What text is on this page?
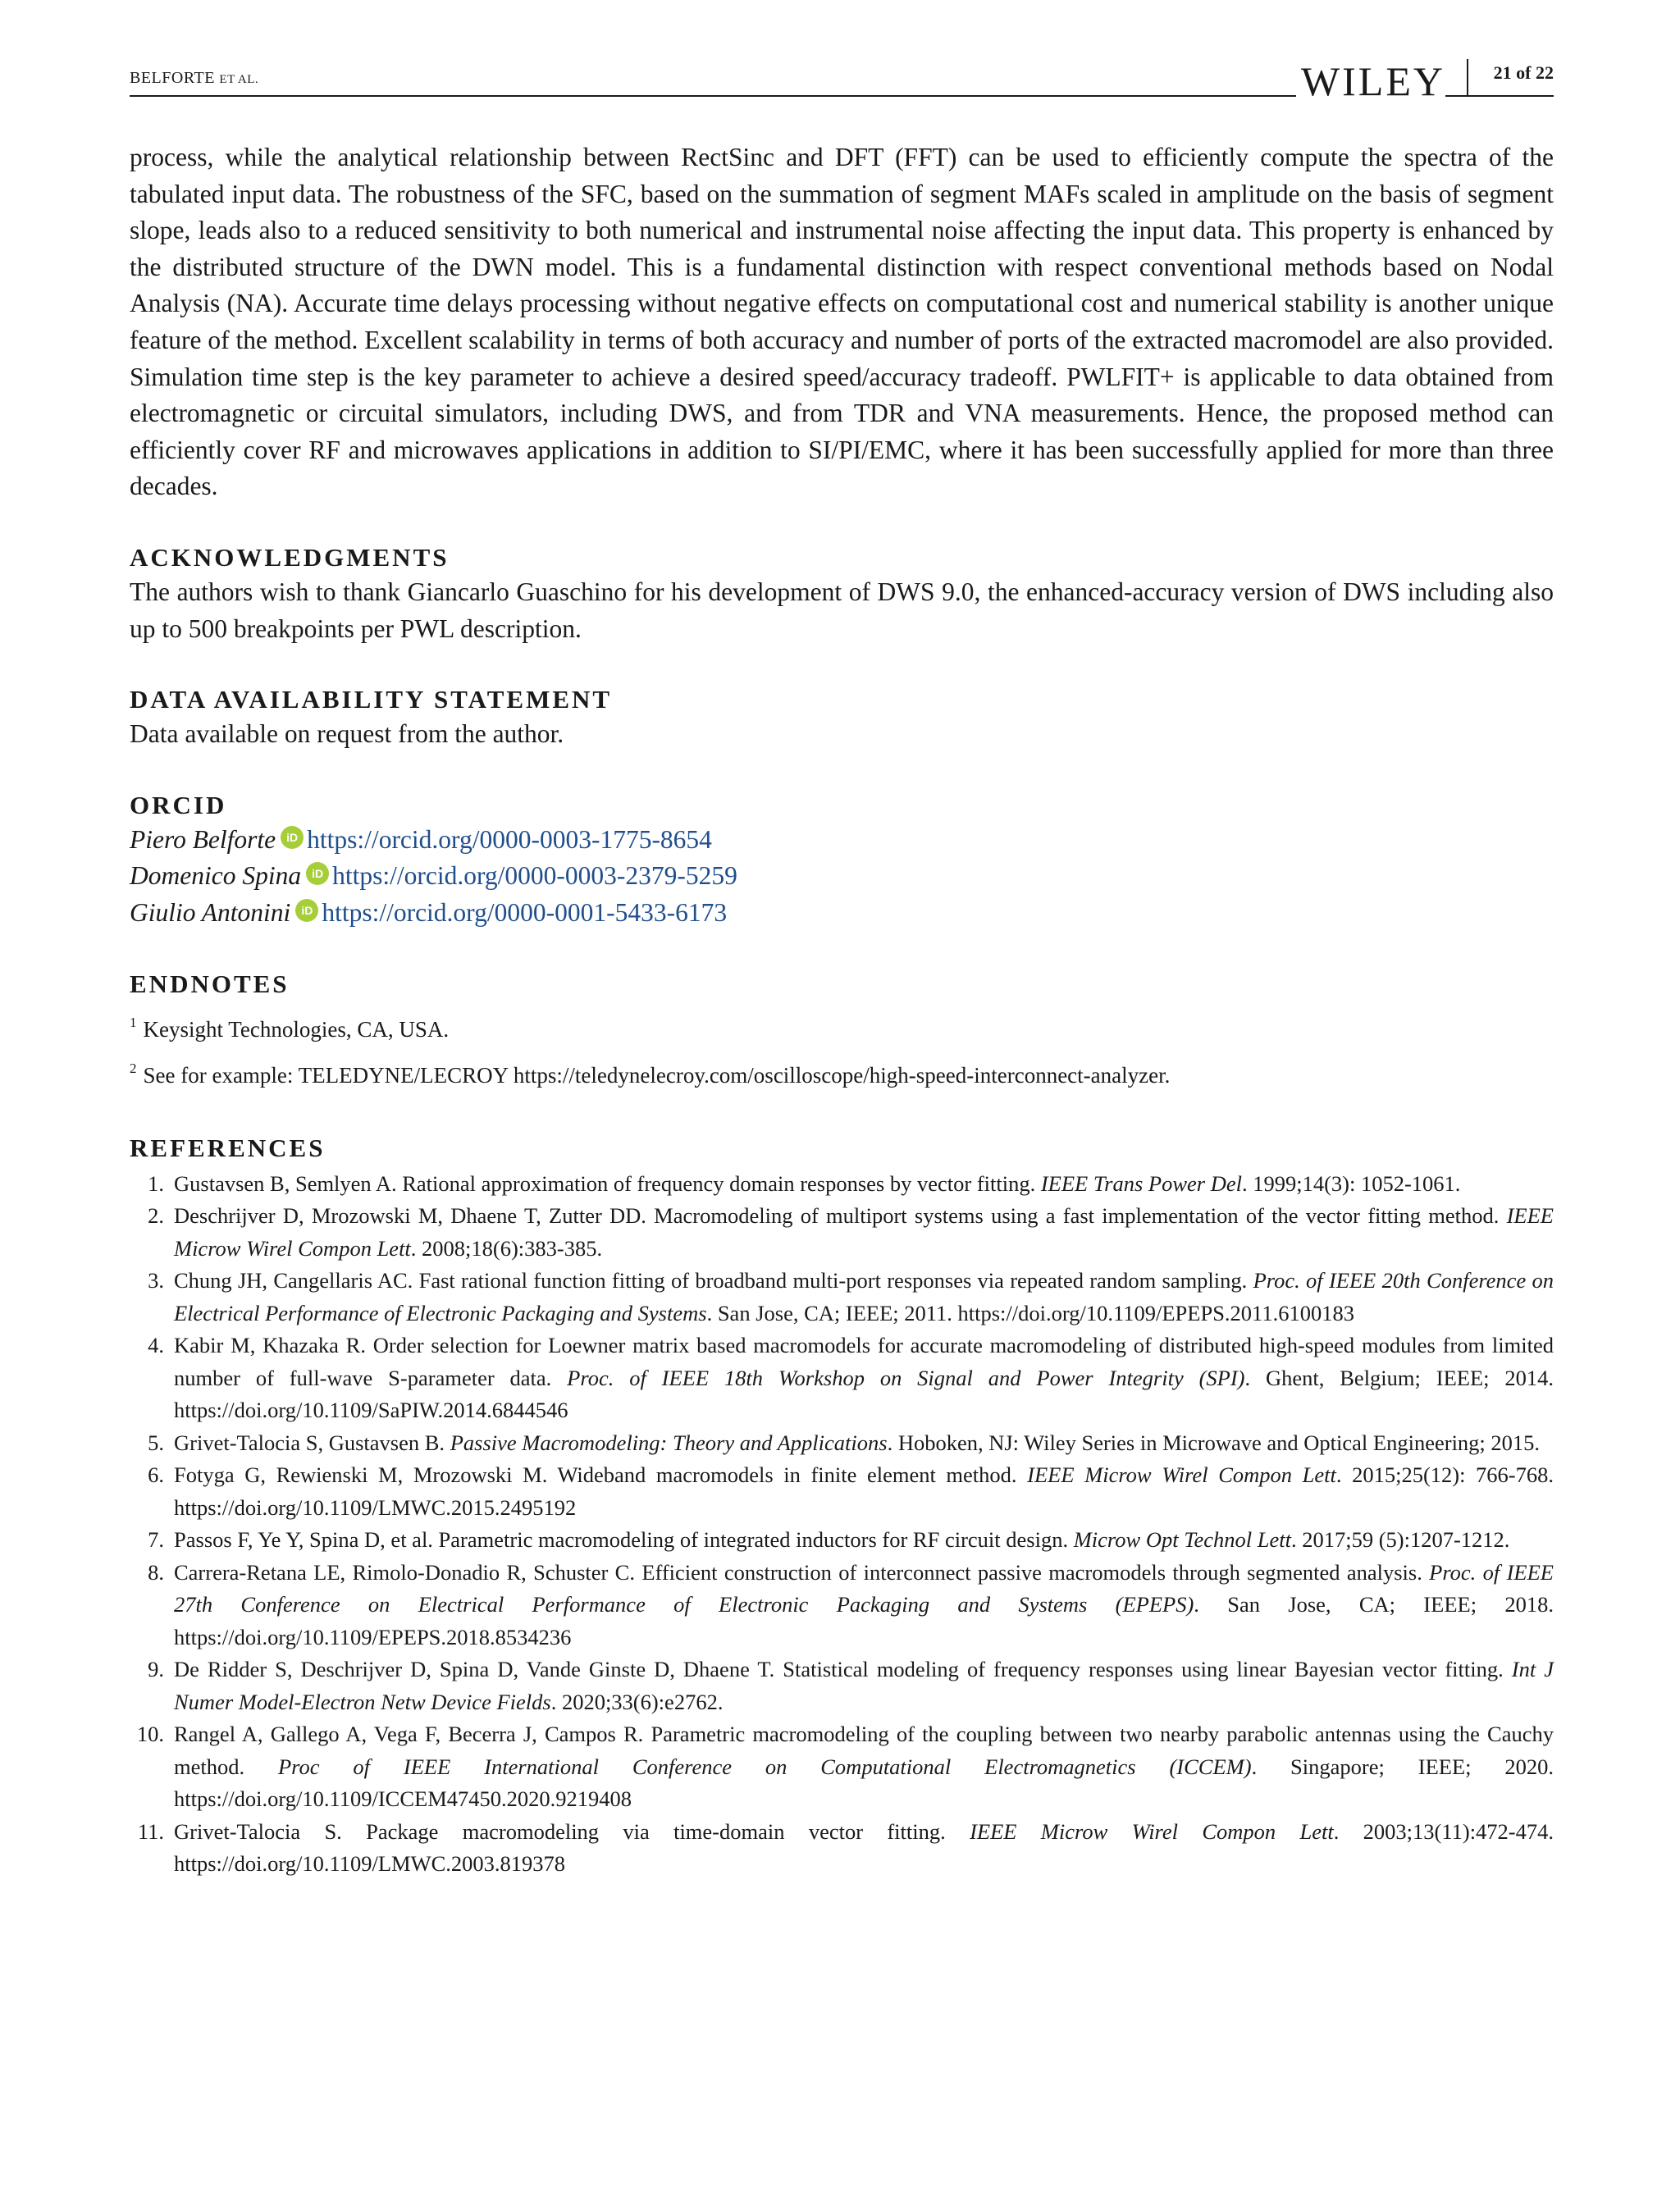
BELFORTE ET AL.	WILEY	21 of 22

process, while the analytical relationship between RectSinc and DFT (FFT) can be used to efficiently compute the spectra of the tabulated input data. The robustness of the SFC, based on the summation of segment MAFs scaled in amplitude on the basis of segment slope, leads also to a reduced sensitivity to both numerical and instrumental noise affecting the input data. This property is enhanced by the distributed structure of the DWN model. This is a fundamental distinction with respect conventional methods based on Nodal Analysis (NA). Accurate time delays processing without negative effects on computational cost and numerical stability is another unique feature of the method. Excellent scalability in terms of both accuracy and number of ports of the extracted macromodel are also provided. Simulation time step is the key parameter to achieve a desired speed/accuracy tradeoff. PWLFIT+ is applicable to data obtained from electromagnetic or circuital simulators, including DWS, and from TDR and VNA measurements. Hence, the proposed method can efficiently cover RF and microwaves applications in addition to SI/PI/EMC, where it has been successfully applied for more than three decades.

ACKNOWLEDGMENTS

The authors wish to thank Giancarlo Guaschino for his development of DWS 9.0, the enhanced-accuracy version of DWS including also up to 500 breakpoints per PWL description.

DATA AVAILABILITY STATEMENT

Data available on request from the author.

ORCID
Piero Belforte iD https://orcid.org/0000-0003-1775-8654
Domenico Spina iD https://orcid.org/0000-0003-2379-5259
Giulio Antonini iD https://orcid.org/0000-0001-5433-6173
ENDNOTES

$^1$ Keysight Technologies, CA, USA.

$^2$ See for example: TELEDYNE/LECROY https://teledynelecroy.com/oscilloscope/high-speed-interconnect-analyzer.

REFERENCES
1. Gustavsen B, Semlyen A. Rational approximation of frequency domain responses by vector fitting. IEEE Trans Power Del. 1999;14(3): 1052-1061.
2. Deschrijver D, Mrozowski M, Dhaene T, Zutter DD. Macromodeling of multiport systems using a fast implementation of the vector fitting method. IEEE Microw Wirel Compon Lett. 2008;18(6):383-385.
3. Chung JH, Cangellaris AC. Fast rational function fitting of broadband multi-port responses via repeated random sampling. Proc. of IEEE 20th Conference on Electrical Performance of Electronic Packaging and Systems. San Jose, CA; IEEE; 2011. https://doi.org/10.1109/EPEPS.2011.6100183
4. Kabir M, Khazaka R. Order selection for Loewner matrix based macromodels for accurate macromodeling of distributed high-speed modules from limited number of full-wave S-parameter data. Proc. of IEEE 18th Workshop on Signal and Power Integrity (SPI). Ghent, Belgium; IEEE; 2014. https://doi.org/10.1109/SaPIW.2014.6844546
5. Grivet-Talocia S, Gustavsen B. Passive Macromodeling: Theory and Applications. Hoboken, NJ: Wiley Series in Microwave and Optical Engineering; 2015.
6. Fotyga G, Rewienski M, Mrozowski M. Wideband macromodels in finite element method. IEEE Microw Wirel Compon Lett. 2015;25(12): 766-768. https://doi.org/10.1109/LMWC.2015.2495192
7. Passos F, Ye Y, Spina D, et al. Parametric macromodeling of integrated inductors for RF circuit design. Microw Opt Technol Lett. 2017;59 (5):1207-1212.
8. Carrera-Retana LE, Rimolo-Donadio R, Schuster C. Efficient construction of interconnect passive macromodels through segmented analysis. Proc. of IEEE 27th Conference on Electrical Performance of Electronic Packaging and Systems (EPEPS). San Jose, CA; IEEE; 2018. https://doi.org/10.1109/EPEPS.2018.8534236
9. De Ridder S, Deschrijver D, Spina D, Vande Ginste D, Dhaene T. Statistical modeling of frequency responses using linear Bayesian vector fitting. Int J Numer Model-Electron Netw Device Fields. 2020;33(6):e2762.
10. Rangel A, Gallego A, Vega F, Becerra J, Campos R. Parametric macromodeling of the coupling between two nearby parabolic antennas using the Cauchy method. Proc of IEEE International Conference on Computational Electromagnetics (ICCEM). Singapore; IEEE; 2020. https://doi.org/10.1109/ICCEM47450.2020.9219408
11. Grivet-Talocia S. Package macromodeling via time-domain vector fitting. IEEE Microw Wirel Compon Lett. 2003;13(11):472-474. https://doi.org/10.1109/LMWC.2003.819378
